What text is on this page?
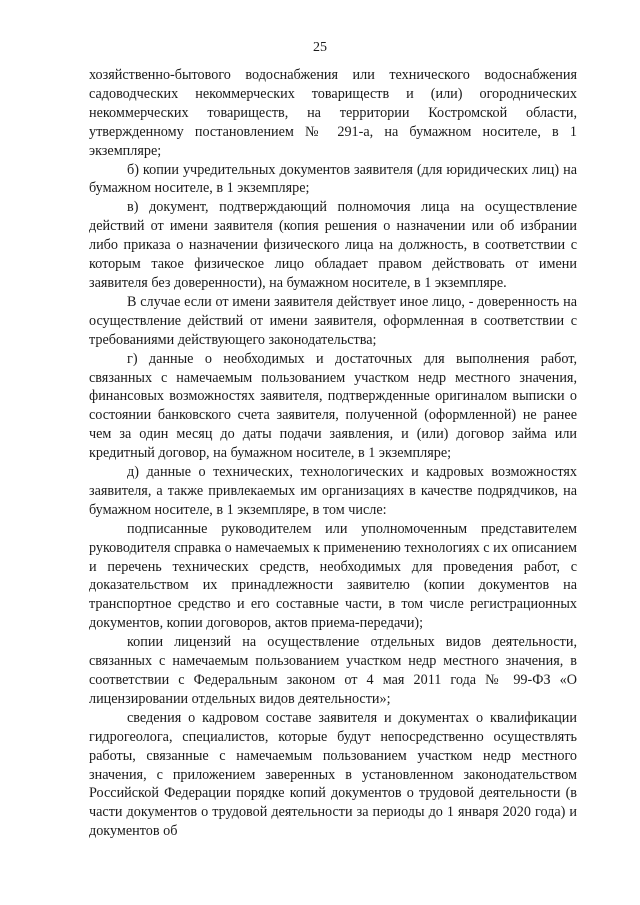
25

хозяйственно-бытового водоснабжения или технического водоснабжения садоводческих некоммерческих товариществ и (или) огороднических некоммерческих товариществ, на территории Костромской области, утвержденному постановлением № 291-а, на бумажном носителе, в 1 экземпляре;

б) копии учредительных документов заявителя (для юридических лиц) на бумажном носителе, в 1 экземпляре;

в) документ, подтверждающий полномочия лица на осуществление действий от имени заявителя (копия решения о назначении или об избрании либо приказа о назначении физического лица на должность, в соответствии с которым такое физическое лицо обладает правом действовать от имени заявителя без доверенности), на бумажном носителе, в 1 экземпляре.

В случае если от имени заявителя действует иное лицо, - доверенность на осуществление действий от имени заявителя, оформленная в соответствии с требованиями действующего законодательства;

г) данные о необходимых и достаточных для выполнения работ, связанных с намечаемым пользованием участком недр местного значения, финансовых возможностях заявителя, подтвержденные оригиналом выписки о состоянии банковского счета заявителя, полученной (оформленной) не ранее чем за один месяц до даты подачи заявления, и (или) договор займа или кредитный договор, на бумажном носителе, в 1 экземпляре;

д) данные о технических, технологических и кадровых возможностях заявителя, а также привлекаемых им организациях в качестве подрядчиков, на бумажном носителе, в 1 экземпляре, в том числе:

подписанные руководителем или уполномоченным представителем руководителя справка о намечаемых к применению технологиях с их описанием и перечень технических средств, необходимых для проведения работ, с доказательством их принадлежности заявителю (копии документов на транспортное средство и его составные части, в том числе регистрационных документов, копии договоров, актов приема-передачи);

копии лицензий на осуществление отдельных видов деятельности, связанных с намечаемым пользованием участком недр местного значения, в соответствии с Федеральным законом от 4 мая 2011 года № 99-ФЗ «О лицензировании отдельных видов деятельности»;

сведения о кадровом составе заявителя и документах о квалификации гидрогеолога, специалистов, которые будут непосредственно осуществлять работы, связанные с намечаемым пользованием участком недр местного значения, с приложением заверенных в установленном законодательством Российской Федерации порядке копий документов о трудовой деятельности (в части документов о трудовой деятельности за периоды до 1 января 2020 года) и документов об
